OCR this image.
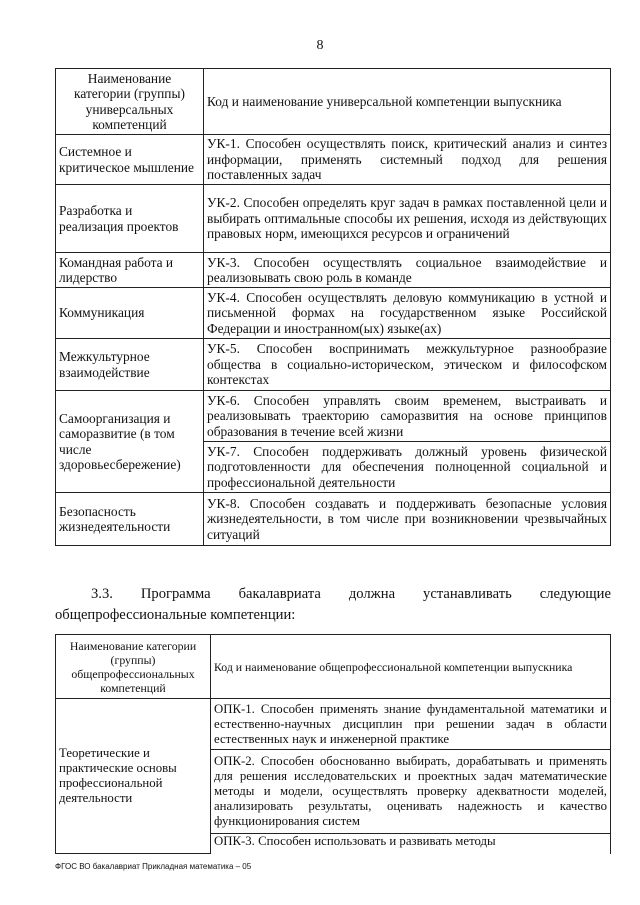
8
Наименование категории (группы) универсальных компетенций	Код и наименование универсальной компетенции выпускника
Системное и критическое мышление	УК-1. Способен осуществлять поиск, критический анализ и синтез информации, применять системный подход для решения поставленных задач
Разработка и реализация проектов	УК-2. Способен определять круг задач в рамках поставленной цели и выбирать оптимальные способы их решения, исходя из действующих правовых норм, имеющихся ресурсов и ограничений
Командная работа и лидерство	УК-3. Способен осуществлять социальное взаимодействие и реализовывать свою роль в команде
Коммуникация	УК-4. Способен осуществлять деловую коммуникацию в устной и письменной формах на государственном языке Российской Федерации и иностранном(ых) языке(ах)
Межкультурное взаимодействие	УК-5. Способен воспринимать межкультурное разнообразие общества в социально-историческом, этическом и философском контекстах
Самоорганизация и саморазвитие (в том числе здоровьесбережение)	УК-6. Способен управлять своим временем, выстраивать и реализовывать траекторию саморазвития на основе принципов образования в течение всей жизни
	УК-7. Способен поддерживать должный уровень физической подготовленности для обеспечения полноценной социальной и профессиональной деятельности
Безопасность жизнедеятельности	УК-8. Способен создавать и поддерживать безопасные условия жизнедеятельности, в том числе при возникновении чрезвычайных ситуаций
3.3. Программа бакалавриата должна устанавливать следующие
общепрофессиональные компетенции:
Наименование категории (группы) общепрофессиональных компетенций	Код и наименование общепрофессиональной компетенции выпускника
Теоретические и практические основы профессиональной деятельности	ОПК-1. Способен применять знание фундаментальной математики и естественно-научных дисциплин при решении задач в области естественных наук и инженерной практике
	ОПК-2. Способен обоснованно выбирать, дорабатывать и применять для решения исследовательских и проектных задач математические методы и модели, осуществлять проверку адекватности моделей, анализировать результаты, оценивать надежность и качество функционирования систем
	ОПК-3. Способен использовать и развивать методы
ФГОС ВО бакалавриат Прикладная математика – 05
